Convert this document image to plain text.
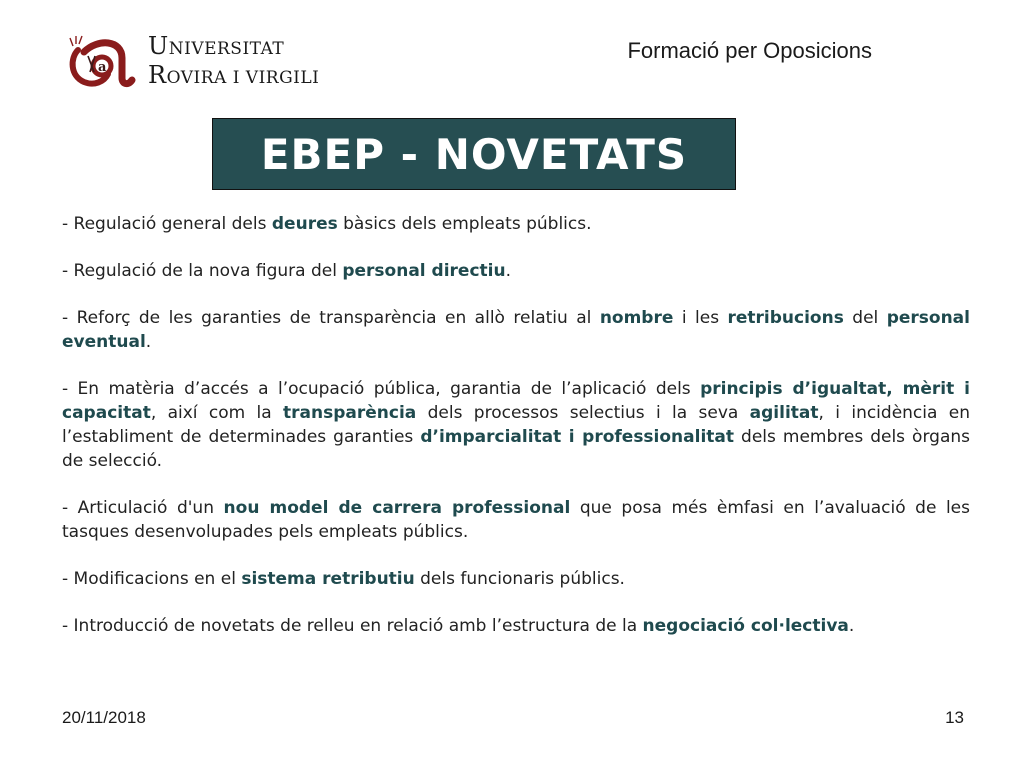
a
UNIVERSITAT
ROVIRA I VIRGILI
Formació per Oposicions
EBEP - NOVETATS

- Regulació general dels deures bàsics dels empleats públics.

- Regulació de la nova figura del personal directiu.

- Reforç de les garanties de transparència en allò relatiu al nombre i les retribucions del personal eventual.

- En matèria d’accés a l’ocupació pública, garantia de l’aplicació dels principis d’igualtat, mèrit i capacitat, així com la transparència dels processos selectius i la seva agilitat, i incidència en l’establiment de determinades garanties d’imparcialitat i professionalitat dels membres dels òrgans de selecció.

- Articulació d'un nou model de carrera professional que posa més èmfasi en l’avaluació de les tasques desenvolupades pels empleats públics.

- Modificacions en el sistema retributiu dels funcionaris públics.

- Introducció de novetats de relleu en relació amb l’estructura de la negociació col·lectiva.

20/11/2018	13
